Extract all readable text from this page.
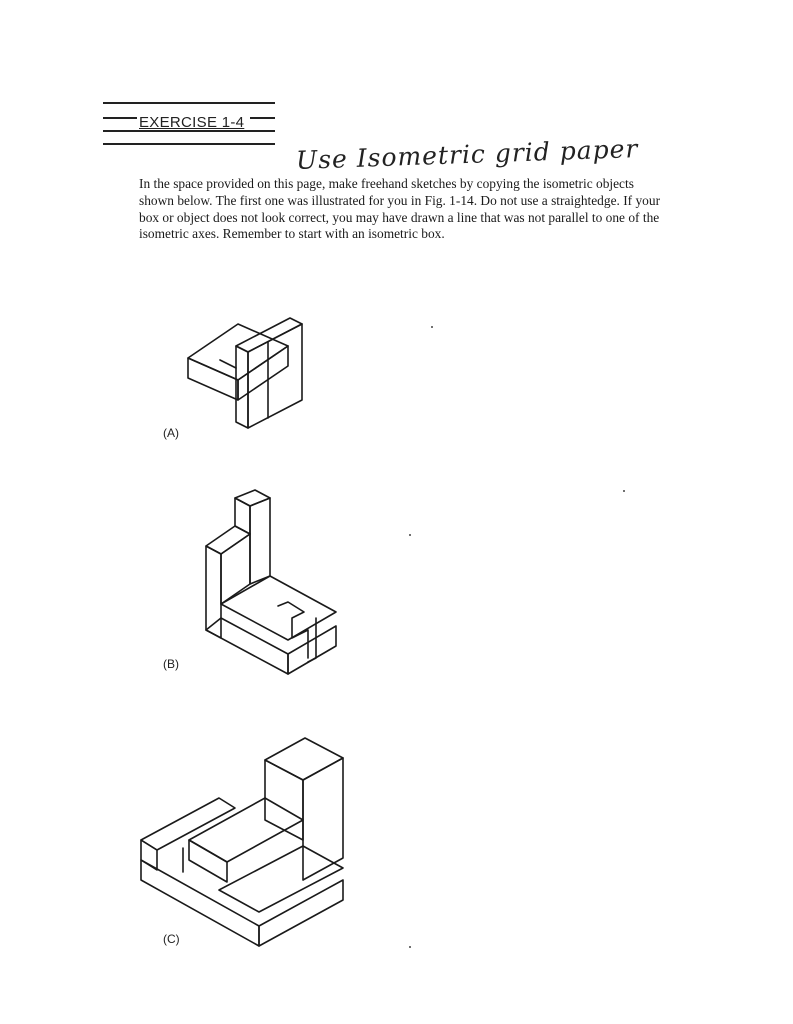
EXERCISE 1-4
Use Isometric grid paper

In the space provided on this page, make freehand sketches by copying the isometric objects shown below. The first one was illustrated for you in Fig. 1-14. Do not use a straightedge. If your box or object does not look correct, you may have drawn a line that was not parallel to one of the isometric axes. Remember to start with an isometric box.

(A)
(B)
(C)
